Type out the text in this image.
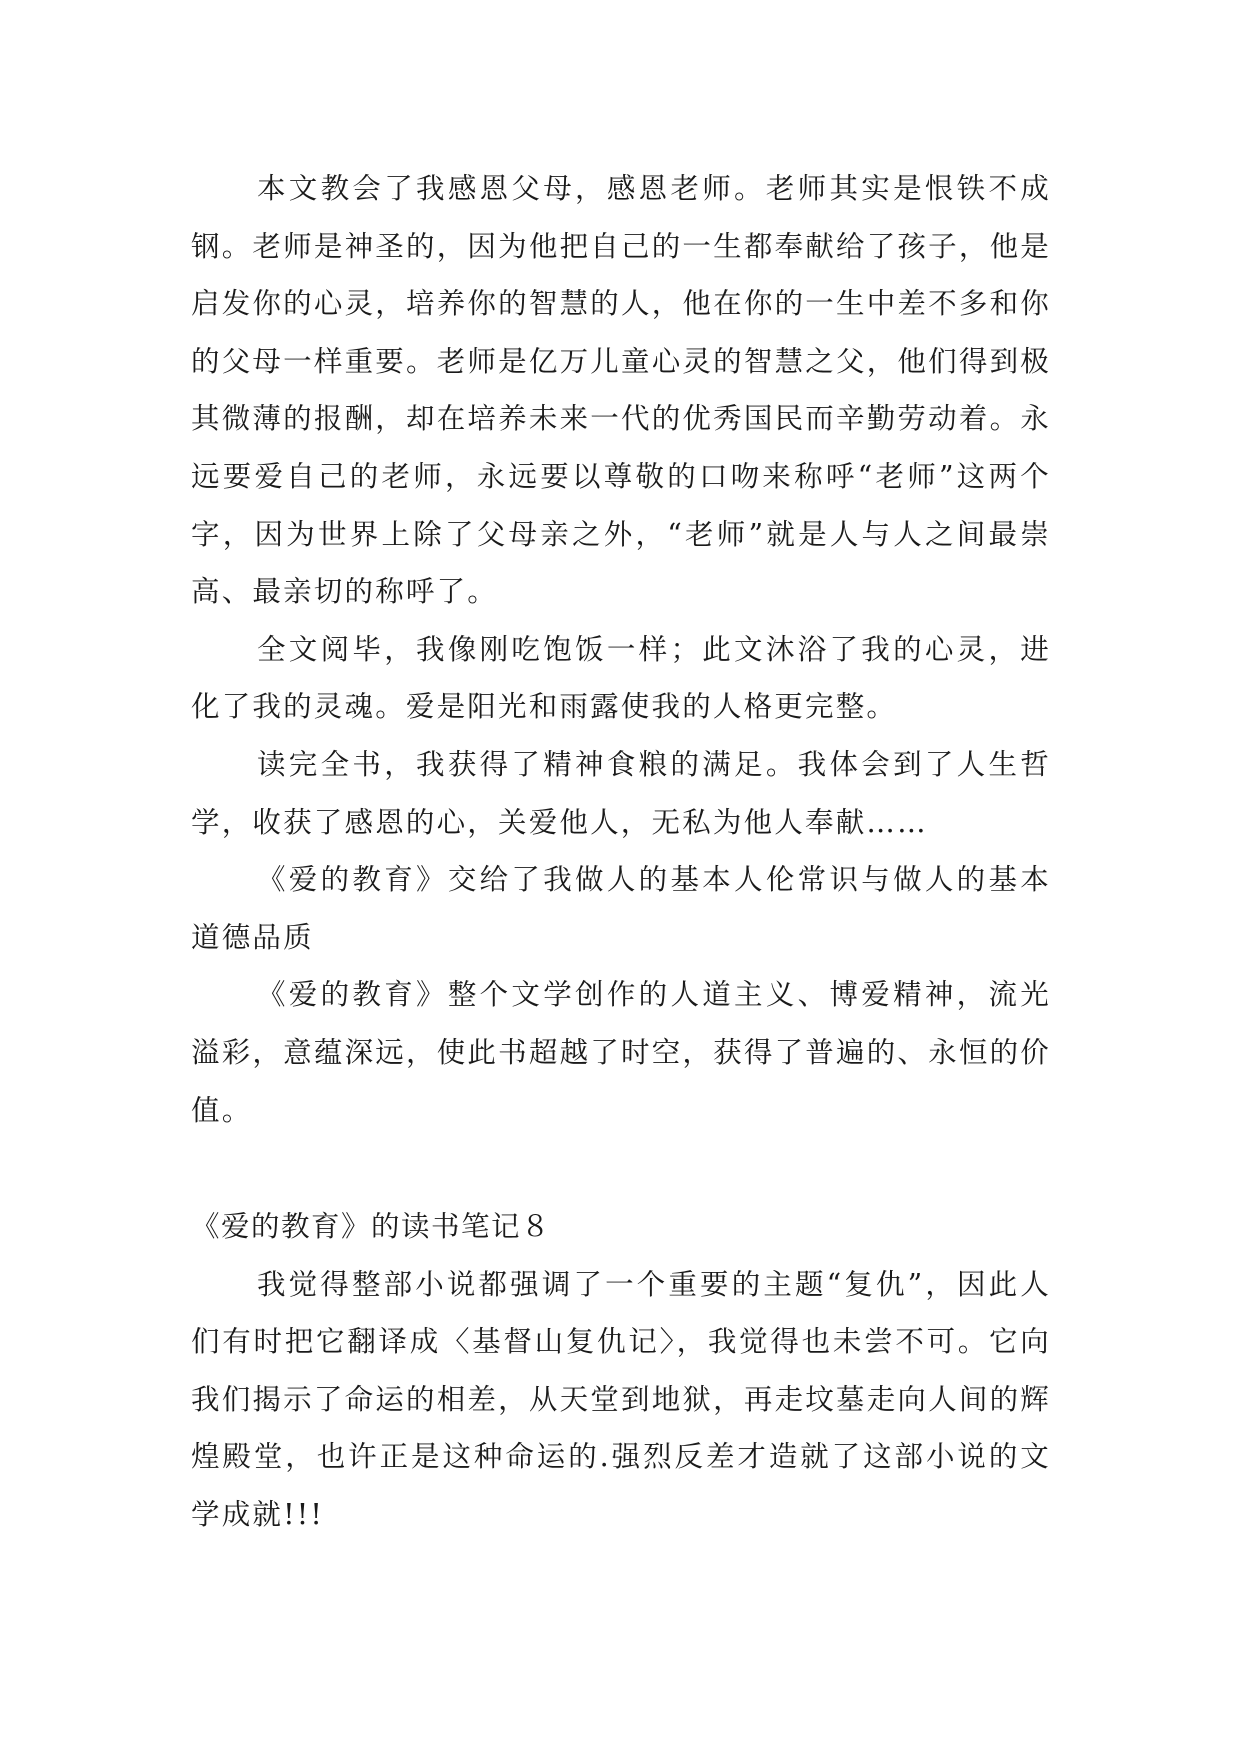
本文教会了我感恩父母，感恩老师。老师其实是恨铁不成钢。老师是神圣的，因为他把自己的一生都奉献给了孩子，他是启发你的心灵，培养你的智慧的人，他在你的一生中差不多和你的父母一样重要。老师是亿万儿童心灵的智慧之父，他们得到极其微薄的报酬，却在培养未来一代的优秀国民而辛勤劳动着。永远要爱自己的老师，永远要以尊敬的口吻来称呼“老师”这两个字，因为世界上除了父母亲之外，“老师”就是人与人之间最崇高、最亲切的称呼了。

全文阅毕，我像刚吃饱饭一样；此文沐浴了我的心灵，进化了我的灵魂。爱是阳光和雨露使我的人格更完整。

读完全书，我获得了精神食粮的满足。我体会到了人生哲学，收获了感恩的心，关爱他人，无私为他人奉献……

《爱的教育》交给了我做人的基本人伦常识与做人的基本道德品质

《爱的教育》整个文学创作的人道主义、博爱精神，流光溢彩，意蕴深远，使此书超越了时空，获得了普遍的、永恒的价值。

《爱的教育》的读书笔记８

我觉得整部小说都强调了一个重要的主题“复仇”，因此人们有时把它翻译成〈基督山复仇记〉，我觉得也未尝不可。它向我们揭示了命运的相差，从天堂到地狱，再走坟墓走向人间的辉煌殿堂，也许正是这种命运的.强烈反差才造就了这部小说的文学成就!!!
